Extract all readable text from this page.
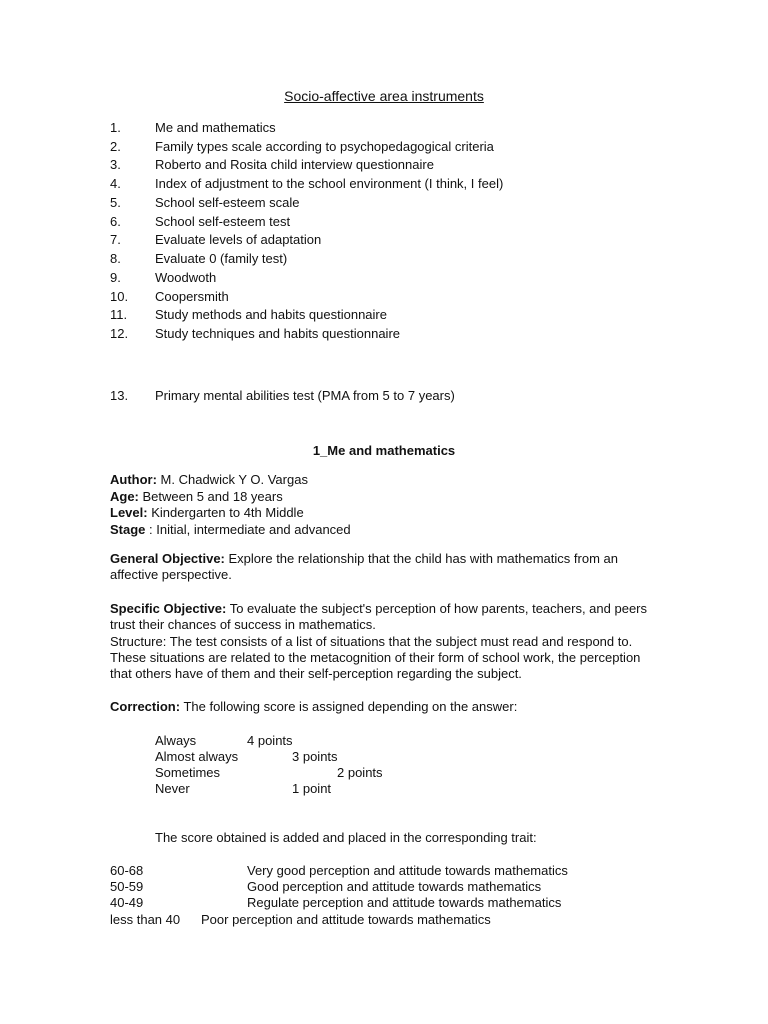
Socio-affective area instruments
1.	Me and mathematics
2.	Family types scale according to psychopedagogical criteria
3.	Roberto and Rosita child interview questionnaire
4.	Index of adjustment to the school environment (I think, I feel)
5.	School self-esteem scale
6.	School self-esteem test
7.	Evaluate levels of adaptation
8.	Evaluate 0 (family test)
9.	Woodwoth
10. Coopersmith
11. Study methods and habits questionnaire
12. Study techniques and habits questionnaire
13. Primary mental abilities test (PMA from 5 to 7 years)
1_Me and mathematics
Author: M. Chadwick Y O. Vargas
Age: Between 5 and 18 years
Level: Kindergarten to 4th Middle
Stage : Initial, intermediate and advanced
General Objective: Explore the relationship that the child has with mathematics from an affective perspective.
Specific Objective: To evaluate the subject's perception of how parents, teachers, and peers trust their chances of success in mathematics.
Structure: The test consists of a list of situations that the subject must read and respond to. These situations are related to the metacognition of their form of school work, the perception that others have of them and their self-perception regarding the subject.
Correction: The following score is assigned depending on the answer:
Always	4 points
Almost always	3 points
Sometimes	2 points
Never	1 point
The score obtained is added and placed in the corresponding trait:
60-68	Very good perception and attitude towards mathematics
50-59	Good perception and attitude towards mathematics
40-49	Regulate perception and attitude towards mathematics
less than 40 Poor perception and attitude towards mathematics
